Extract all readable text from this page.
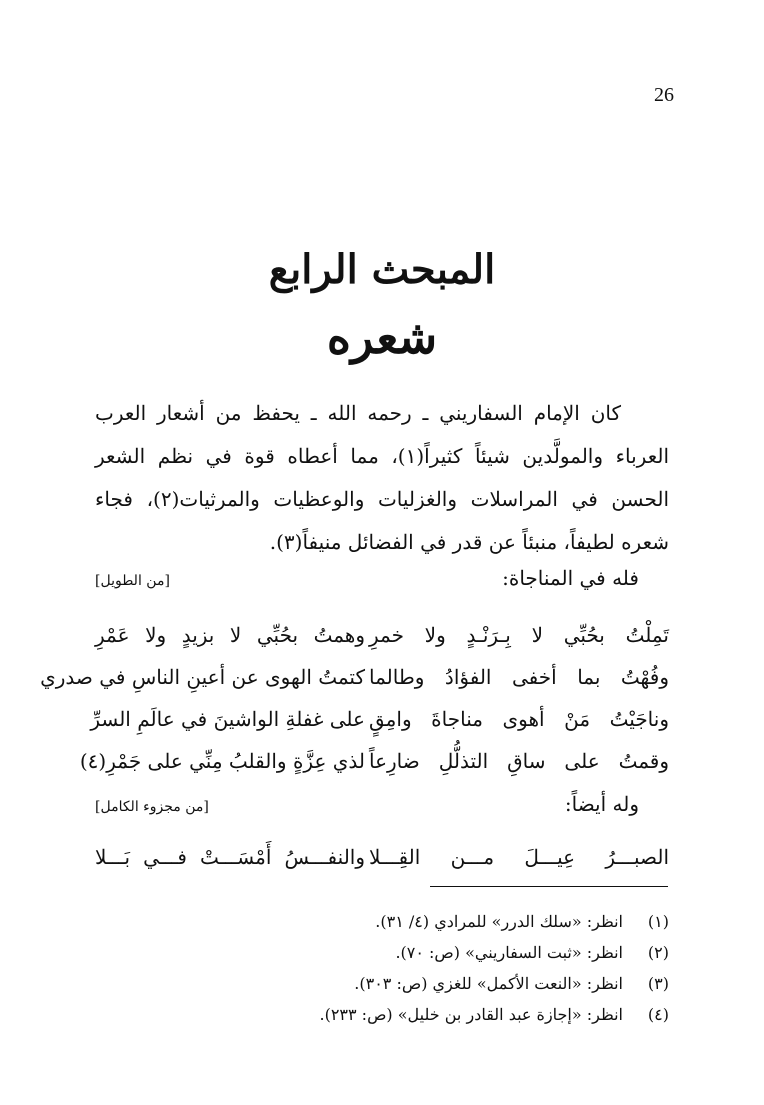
26
المبحث الرابع
شعره

كان الإمام السفاريني ـ رحمه الله ـ يحفظ من أشعار العرب العرباء والمولَّدين شيئاً كثيراً(١)، مما أعطاه قوة في نظم الشعر الحسن في المراسلات والغزليات والوعظيات والمرثيات(٢)، فجاء شعره لطيفاً، منبئاً عن قدر في الفضائل منيفاً(٣).

فله في المناجاة:
[من الطويل]
تَمِلْتُ بحُبِّي لا بِـرَنْـدٍ ولا خمرِ
وهمتُ بحُبِّي لا بزيدٍ ولا عَمْرِ
وفُهْتُ بما أخفى الفؤادُ وطالما
كتمتُ الهوى عن أعينِ الناسِ في صدري
وناجَيْتُ مَنْ أهوى مناجاةَ وامِقٍ
على غفلةِ الواشينَ في عالَمِ السرِّ
وقمتُ على ساقِ التذلُّلِ ضارِعاً
لذي عِزَّةٍ والقلبُ مِنِّي على جَمْرِ(٤)
وله أيضاً:
[من مجزوء الكامل]
الصبـــرُ عِيـــلَ مـــن القِـــلا
والنفـــسُ أَمْسَـــتْ فـــي بَـــلا
(١)
انظر: «سلك الدرر» للمرادي (٤/ ٣١).
(٢)
انظر: «ثبت السفاريني» (ص: ٧٠).
(٣)
انظر: «النعت الأكمل» للغزي (ص: ٣٠٣).
(٤)
انظر: «إجازة عبد القادر بن خليل» (ص: ٢٣٣).
